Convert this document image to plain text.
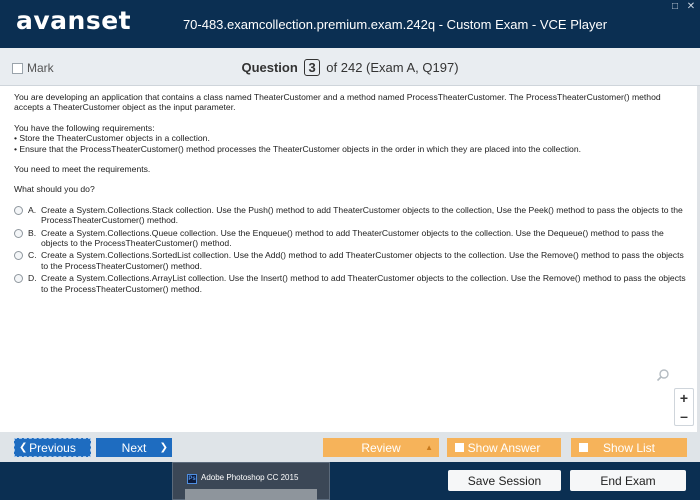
avanset	70-483.examcollection.premium.exam.242q - Custom Exam - VCE Player
□ ✕
Mark	Question 3 of 242 (Exam A, Q197)

You are developing an application that contains a class named TheaterCustomer and a method named ProcessTheaterCustomer. The ProcessTheaterCustomer() method accepts a TheaterCustomer object as the input parameter.

You have the following requirements:
• Store the TheaterCustomer objects in a collection.
• Ensure that the ProcessTheaterCustomer() method processes the TheaterCustomer objects in the order in which they are placed into the collection.

You need to meet the requirements.

What should you do?

A. Create a System.Collections.Stack collection. Use the Push() method to add TheaterCustomer objects to the collection, Use the Peek() method to pass the objects to the ProcessTheaterCustomer() method.
B. Create a System.Collections.Queue collection. Use the Enqueue() method to add TheaterCustomer objects to the collection. Use the Dequeue() method to pass the objects to the ProcessTheaterCustomer() method.
C. Create a System.Collections.SortedList collection. Use the Add() method to add TheaterCustomer objects to the collection. Use the Remove() method to pass the objects to the ProcessTheaterCustomer() method.
D. Create a System.Collections.ArrayList collection. Use the Insert() method to add TheaterCustomer objects to the collection. Use the Remove() method to pass the objects to the ProcessTheaterCustomer() method.
+
–
❮ Previous	Next ❯	Review	▲	Show Answer	Show List
Save Session	End Exam
Ps Adobe Photoshop CC 2015
